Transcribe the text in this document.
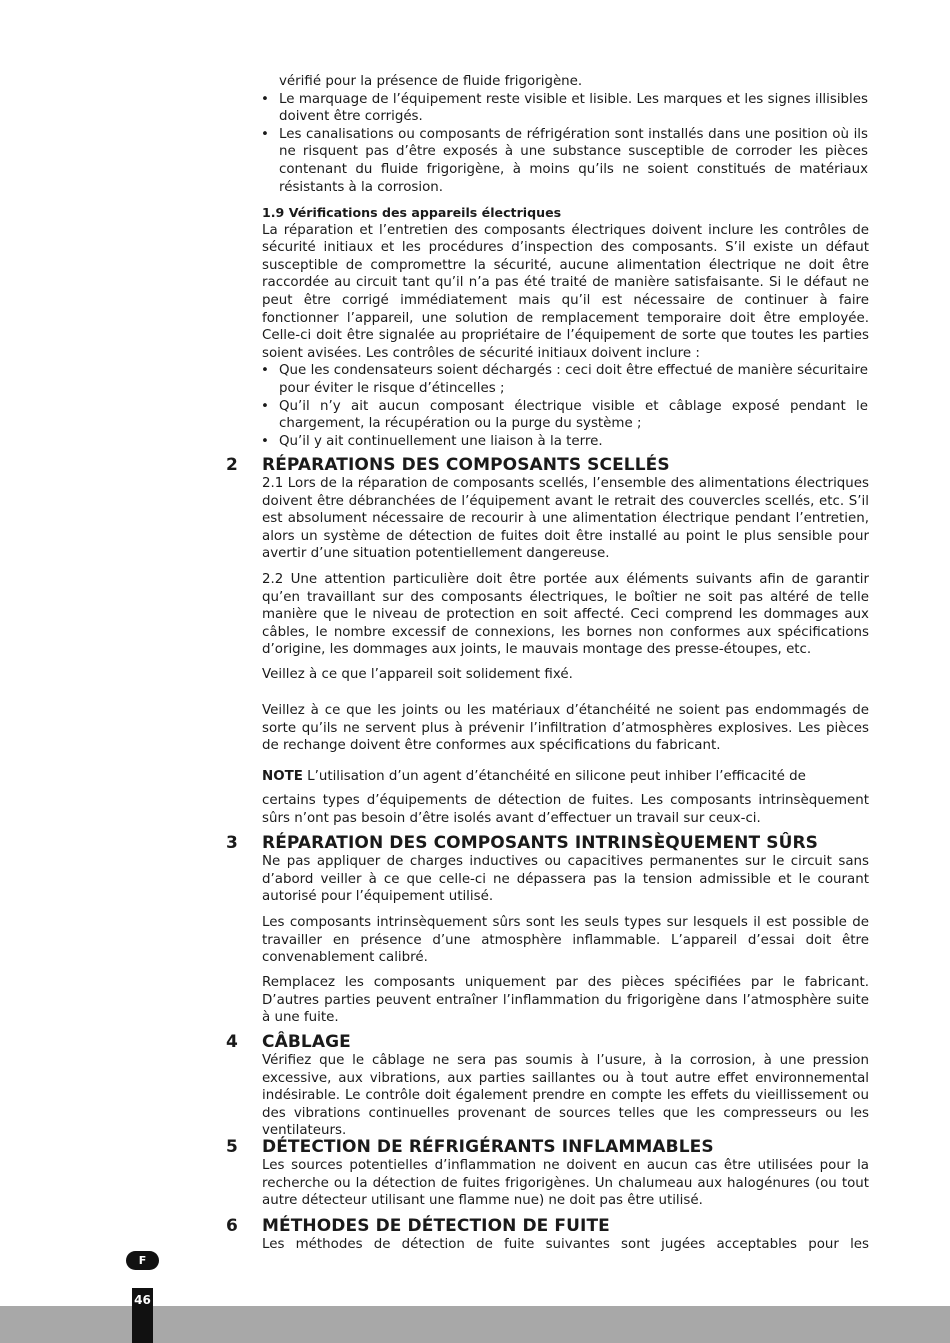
vérifié pour la présence de fluide frigorigène.

• Le marquage de l’équipement reste visible et lisible. Les marques et les signes illisibles doivent être corrigés.
• Les canalisations ou composants de réfrigération sont installés dans une position où ils ne risquent pas d’être exposés à une substance susceptible de corroder les pièces contenant du fluide frigorigène, à moins qu’ils ne soient constitués de matériaux résistants à la corrosion.
1.9 Vérifications des appareils électriques

La réparation et l’entretien des composants électriques doivent inclure les contrôles de sécurité initiaux et les procédures d’inspection des composants. S’il existe un défaut susceptible de compromettre la sécurité, aucune alimentation électrique ne doit être raccordée au circuit tant qu’il n’a pas été traité de manière satisfaisante. Si le défaut ne peut être corrigé immédiatement mais qu’il est nécessaire de continuer à faire fonctionner l’appareil, une solution de remplacement temporaire doit être employée. Celle-ci doit être signalée au propriétaire de l’équipement de sorte que toutes les parties soient avisées. Les contrôles de sécurité initiaux doivent inclure :

• Que les condensateurs soient déchargés : ceci doit être effectué de manière sécuritaire pour éviter le risque d’étincelles ;
• Qu’il n’y ait aucun composant électrique visible et câblage exposé pendant le chargement, la récupération ou la purge du système ;
• Qu’il y ait continuellement une liaison à la terre.
2 RÉPARATIONS DES COMPOSANTS SCELLÉS

2.1 Lors de la réparation de composants scellés, l’ensemble des alimentations électriques doivent être débranchées de l’équipement avant le retrait des couvercles scellés, etc. S’il est absolument nécessaire de recourir à une alimentation électrique pendant l’entretien, alors un système de détection de fuites doit être installé au point le plus sensible pour avertir d’une situation potentiellement dangereuse.

2.2 Une attention particulière doit être portée aux éléments suivants afin de garantir qu’en travaillant sur des composants électriques, le boîtier ne soit pas altéré de telle manière que le niveau de protection en soit affecté. Ceci comprend les dommages aux câbles, le nombre excessif de connexions, les bornes non conformes aux spécifications d’origine, les dommages aux joints, le mauvais montage des presse-étoupes, etc.

Veillez à ce que l’appareil soit solidement fixé.

Veillez à ce que les joints ou les matériaux d’étanchéité ne soient pas endommagés de sorte qu’ils ne servent plus à prévenir l’infiltration d’atmosphères explosives. Les pièces de rechange doivent être conformes aux spécifications du fabricant.

NOTE L’utilisation d’un agent d’étanchéité en silicone peut inhiber l’efficacité de

certains types d’équipements de détection de fuites. Les composants intrinsèquement sûrs n’ont pas besoin d’être isolés avant d’effectuer un travail sur ceux-ci.

3 RÉPARATION DES COMPOSANTS INTRINSÈQUEMENT SÛRS

Ne pas appliquer de charges inductives ou capacitives permanentes sur le circuit sans d’abord veiller à ce que celle-ci ne dépassera pas la tension admissible et le courant autorisé pour l’équipement utilisé.

Les composants intrinsèquement sûrs sont les seuls types sur lesquels il est possible de travailler en présence d’une atmosphère inflammable. L’appareil d’essai doit être convenablement calibré.

Remplacez les composants uniquement par des pièces spécifiées par le fabricant. D’autres parties peuvent entraîner l’inflammation du frigorigène dans l’atmosphère suite à une fuite.

4 CÂBLAGE

Vérifiez que le câblage ne sera pas soumis à l’usure, à la corrosion, à une pression excessive, aux vibrations, aux parties saillantes ou à tout autre effet environnemental indésirable. Le contrôle doit également prendre en compte les effets du vieillissement ou des vibrations continuelles provenant de sources telles que les compresseurs ou les ventilateurs.

5 DÉTECTION DE RÉFRIGÉRANTS INFLAMMABLES

Les sources potentielles d’inflammation ne doivent en aucun cas être utilisées pour la recherche ou la détection de fuites frigorigènes. Un chalumeau aux halogénures (ou tout autre détecteur utilisant une flamme nue) ne doit pas être utilisé.

6 MÉTHODES DE DÉTECTION DE FUITE

Les méthodes de détection de fuite suivantes sont jugées acceptables pour les

F
46
